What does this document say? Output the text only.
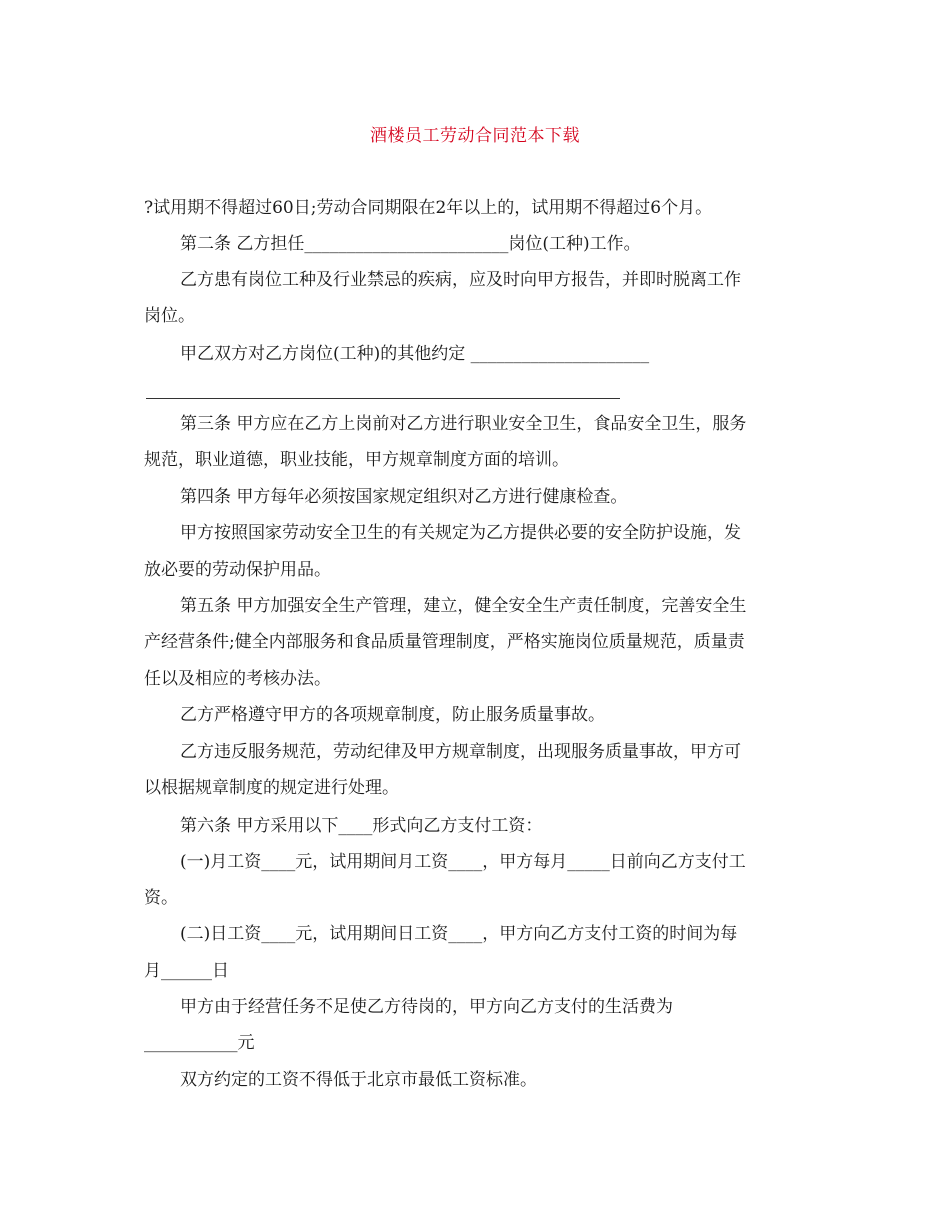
酒楼员工劳动合同范本下载
?试用期不得超过60日;劳动合同期限在2年以上的，试用期不得超过6个月。
第二条 乙方担任________________________岗位(工种)工作。
乙方患有岗位工种及行业禁忌的疾病，应及时向甲方报告，并即时脱离工作
岗位。
甲乙双方对乙方岗位(工种)的其他约定 _____________________
第三条 甲方应在乙方上岗前对乙方进行职业安全卫生，食品安全卫生，服务
规范，职业道德，职业技能，甲方规章制度方面的培训。
第四条 甲方每年必须按国家规定组织对乙方进行健康检查。
甲方按照国家劳动安全卫生的有关规定为乙方提供必要的安全防护设施，发
放必要的劳动保护用品。
第五条 甲方加强安全生产管理，建立，健全安全生产责任制度，完善安全生
产经营条件;健全内部服务和食品质量管理制度，严格实施岗位质量规范，质量责
任以及相应的考核办法。
乙方严格遵守甲方的各项规章制度，防止服务质量事故。
乙方违反服务规范，劳动纪律及甲方规章制度，出现服务质量事故，甲方可
以根据规章制度的规定进行处理。
第六条 甲方采用以下____形式向乙方支付工资：
(一)月工资____元，试用期间月工资____，甲方每月_____日前向乙方支付工
资。
(二)日工资____元，试用期间日工资____，甲方向乙方支付工资的时间为每
月______日
甲方由于经营任务不足使乙方待岗的，甲方向乙方支付的生活费为
___________元
双方约定的工资不得低于北京市最低工资标准。
